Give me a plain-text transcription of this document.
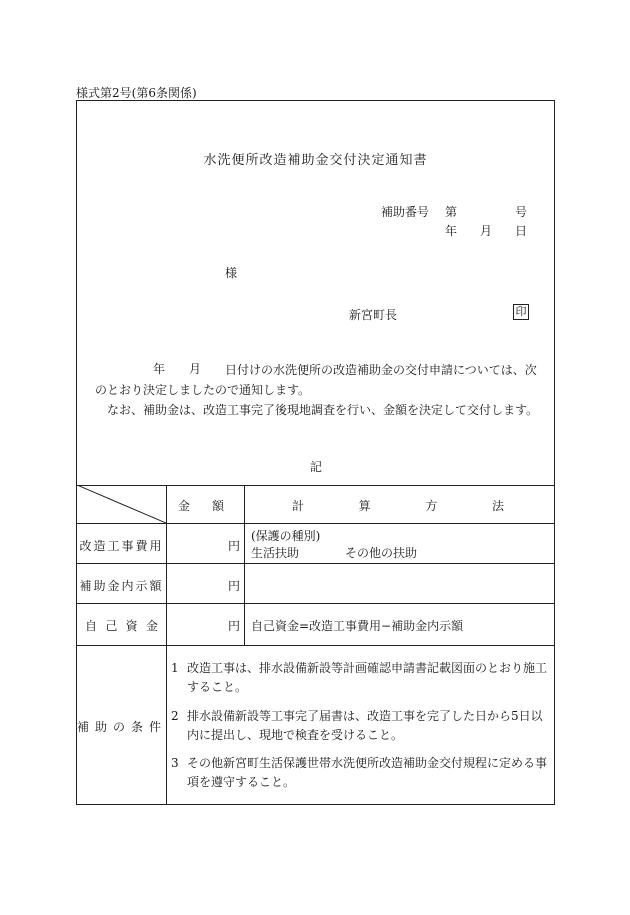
様式第2号(第6条関係)
水洗便所改造補助金交付決定通知書
補助番号 第	号
年 月 日
様
新宮町長	印
年 月	日付けの水洗便所の改造補助金の交付申請については、次のとおり決定しましたので通知します。
なお、補助金は、改造工事完了後現地調査を行い、金額を決定して交付します。
記
金 額	計	算	方	法
改造工事費用	円
(保護の種別)
生活扶助	その他の扶助
補助金内示額	円
自 己 資 金	円 自己資金=改造工事費用−補助金内示額
補助の条件
1 改造工事は、排水設備新設等計画確認申請書記載図面のとおり施工すること。
2 排水設備新設等工事完了届書は、改造工事を完了した日から5日以内に提出し、現地で検査を受けること。
3 その他新宮町生活保護世帯水洗便所改造補助金交付規程に定める事項を遵守すること。
